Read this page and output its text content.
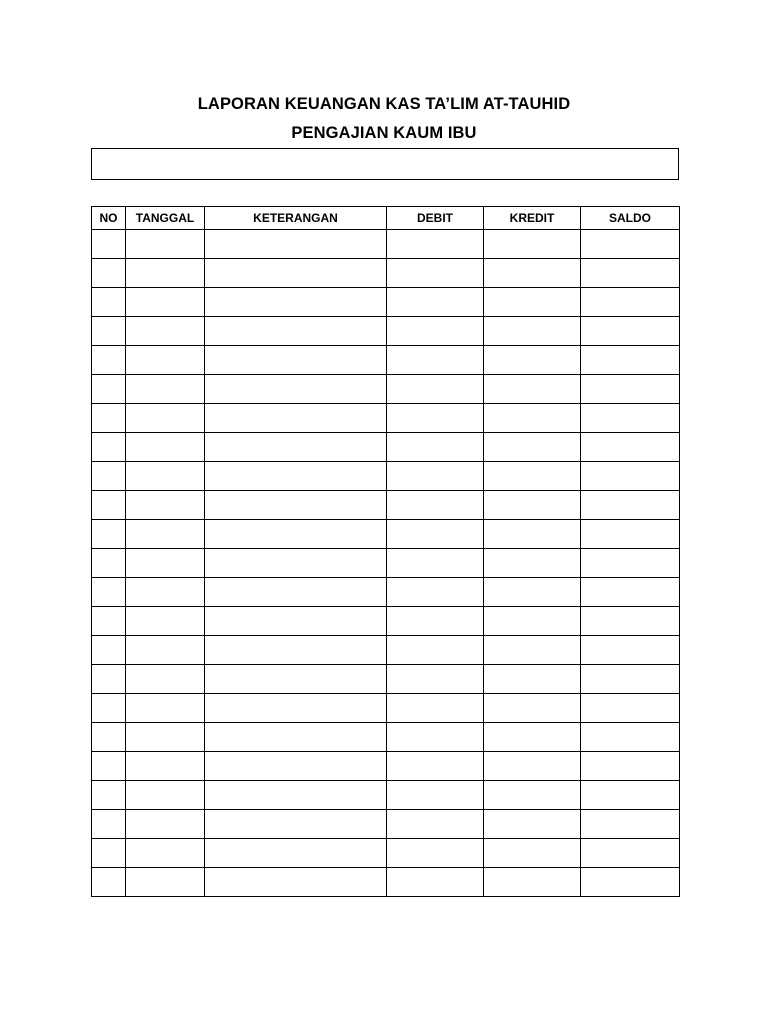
LAPORAN KEUANGAN KAS TA’LIM AT-TAUHID
PENGAJIAN KAUM IBU
NO	TANGGAL	KETERANGAN	DEBIT	KREDIT	SALDO
